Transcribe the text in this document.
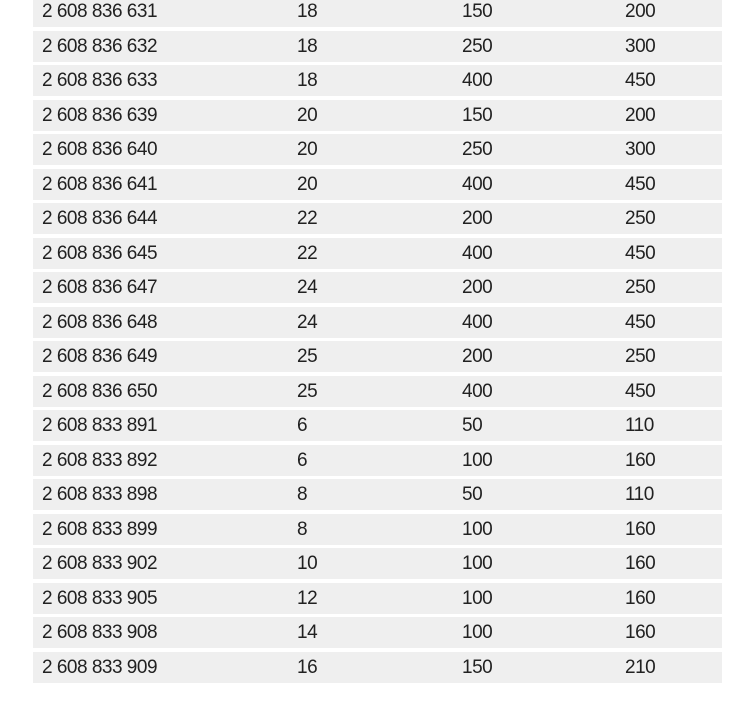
2 608 836 631	18	150	200
2 608 836 632	18	250	300
2 608 836 633	18	400	450
2 608 836 639	20	150	200
2 608 836 640	20	250	300
2 608 836 641	20	400	450
2 608 836 644	22	200	250
2 608 836 645	22	400	450
2 608 836 647	24	200	250
2 608 836 648	24	400	450
2 608 836 649	25	200	250
2 608 836 650	25	400	450
2 608 833 891	6	50	110
2 608 833 892	6	100	160
2 608 833 898	8	50	110
2 608 833 899	8	100	160
2 608 833 902	10	100	160
2 608 833 905	12	100	160
2 608 833 908	14	100	160
2 608 833 909	16	150	210
